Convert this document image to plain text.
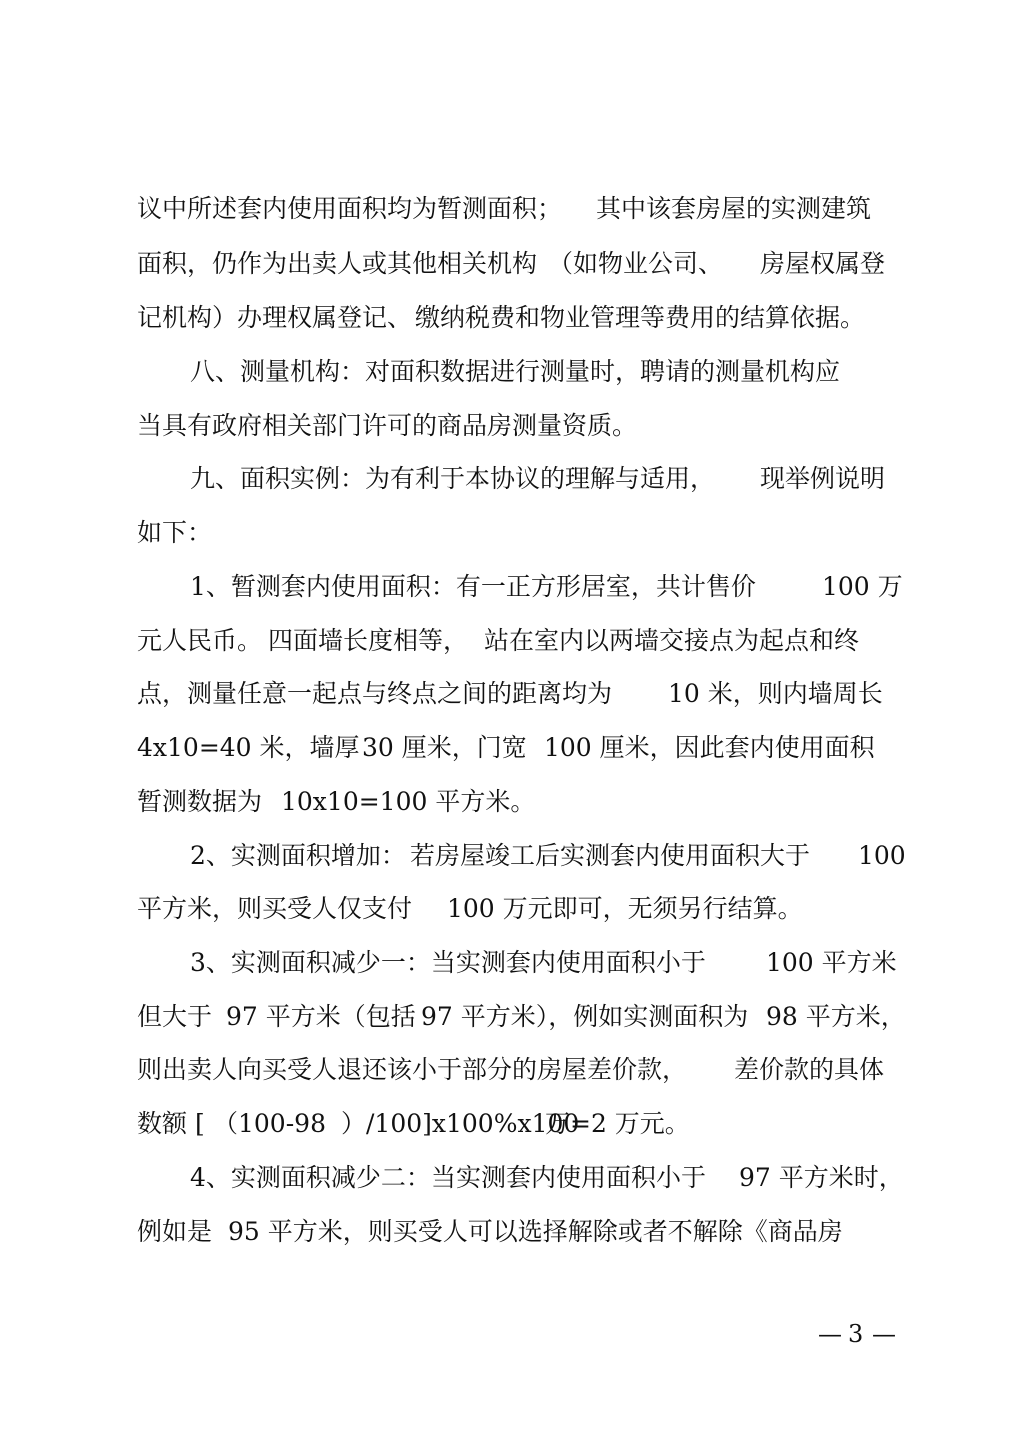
议中所述套内使用面积均为暂测面积； 其中该套房屋的实测建筑
面积，仍作为出卖人或其他相关机构 （如物业公司、 房屋权属登
记机构）办理权属登记、 缴纳税费和物业管理等费用的结算依据。
八、测量机构：对面积数据进行测量时，聘请的测量机构应
当具有政府相关部门许可的商品房测量资质。
九、面积实例：为有利于本协议的理解与适用， 现举例说明
如下：
1、暂测套内使用面积：有一正方形居室，共计售价	100 万
元人民币。 四面墙长度相等， 站在室内以两墙交接点为起点和终
点，测量任意一起点与终点之间的距离均为 10 米，则内墙周长
4x10=40 米，墙厚 30 厘米，门宽 100 厘米，因此套内使用面积
暂测数据为 10x10=100 平方米。
2、实测面积增加： 若房屋竣工后实测套内使用面积大于 100
平方米，则买受人仅支付 100 万元即可，无须另行结算。
3、实测面积减少一：当实测套内使用面积小于 100 平方米
但大于 97 平方米（包括 97 平方米），例如实测面积为 98 平方米，
则出卖人向买受人退还该小于部分的房屋差价款， 差价款的具体
数额 [ （100-98 ）/100]x100%x100
万=2 万元。
4、实测面积减少二： 当实测套内使用面积小于 97 平方米时，
例如是 95 平方米，则买受人可以选择解除或者不解除《商品房
— 3 —
